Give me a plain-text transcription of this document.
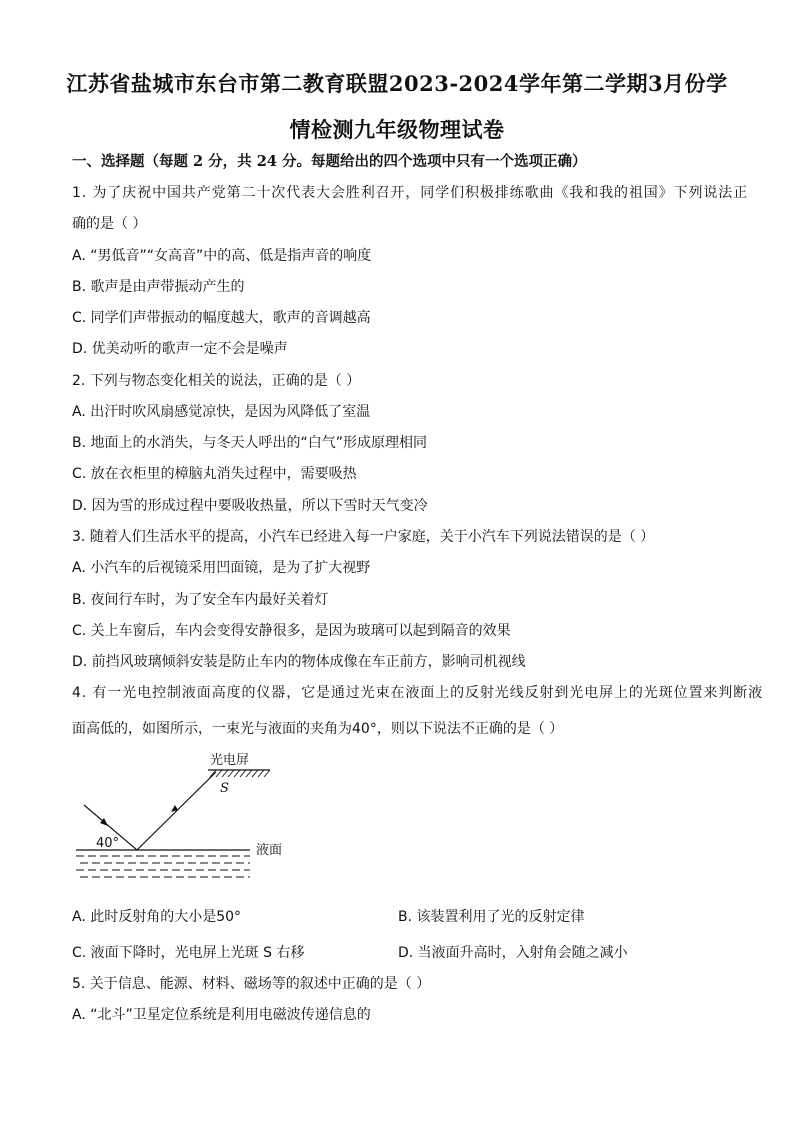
江苏省盐城市东台市第二教育联盟2023-2024学年第二学期3月份学
情检测九年级物理试卷
一、选择题（每题 2 分，共 24 分。每题给出的四个选项中只有一个选项正确）
1. 为了庆祝中国共产党第二十次代表大会胜利召开，同学们积极排练歌曲《我和我的祖国》下列说法正
确的是（ ）
A. “男低音”“女高音”中的高、低是指声音的响度
B. 歌声是由声带振动产生的
C. 同学们声带振动的幅度越大，歌声的音调越高
D. 优美动听的歌声一定不会是噪声
2. 下列与物态变化相关的说法，正确的是（ ）
A. 出汗时吹风扇感觉凉快，是因为风降低了室温
B. 地面上的水消失，与冬天人呼出的“白气”形成原理相同
C. 放在衣柜里的樟脑丸消失过程中，需要吸热
D. 因为雪的形成过程中要吸收热量，所以下雪时天气变冷
3. 随着人们生活水平的提高，小汽车已经进入每一户家庭，关于小汽车下列说法错误的是（ ）
A. 小汽车的后视镜采用凹面镜，是为了扩大视野
B. 夜间行车时，为了安全车内最好关着灯
C. 关上车窗后，车内会变得安静很多，是因为玻璃可以起到隔音的效果
D. 前挡风玻璃倾斜安装是防止车内的物体成像在车正前方，影响司机视线
4. 有一光电控制液面高度的仪器，它是通过光束在液面上的反射光线反射到光电屏上的光斑位置来判断液
面高低的，如图所示，一束光与液面的夹角为40°，则以下说法不正确的是（ ）
光电屏
S
40°	液面
A. 此时反射角的大小是50°	B. 该装置利用了光的反射定律
C. 液面下降时，光电屏上光斑 S 右移	D. 当液面升高时，入射角会随之减小
5. 关于信息、能源、材料、磁场等的叙述中正确的是（ ）
A. “北斗”卫星定位系统是利用电磁波传递信息的
